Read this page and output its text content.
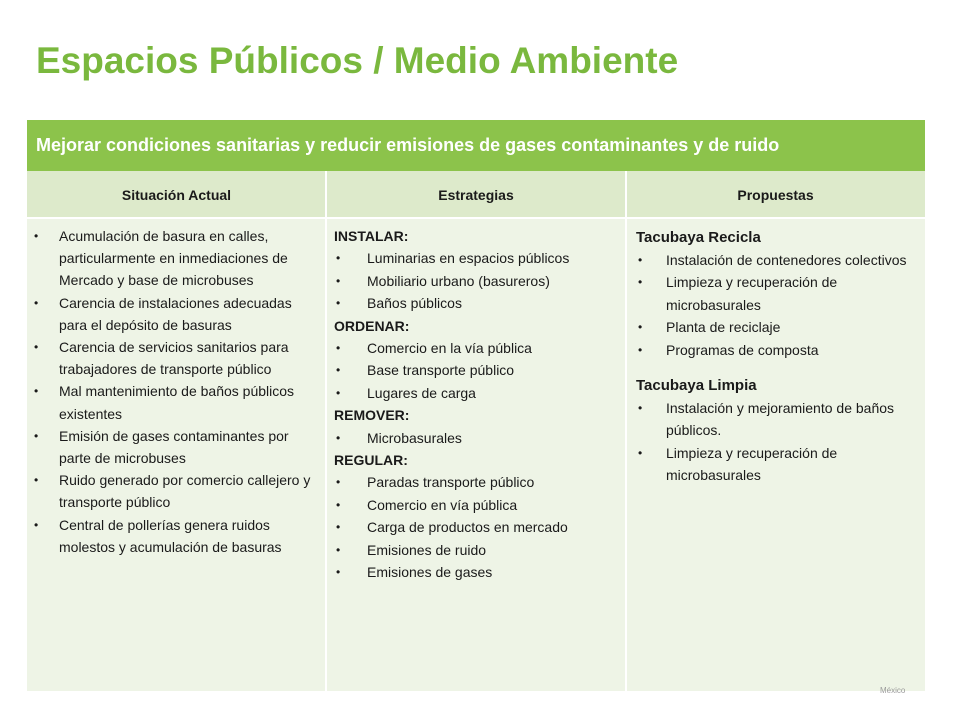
Espacios Públicos / Medio Ambiente
Mejorar condiciones sanitarias y reducir emisiones de gases contaminantes y de ruido
Situación Actual	Estrategias	Propuestas
• Acumulación de basura en calles, particularmente en inmediaciones de Mercado y base de microbuses
• Carencia de instalaciones adecuadas para el depósito de basuras
• Carencia de servicios sanitarios para trabajadores de transporte público
• Mal mantenimiento de baños públicos existentes
• Emisión de gases contaminantes por parte de microbuses
• Ruido generado por comercio callejero y transporte público
• Central de pollerías genera ruidos molestos y acumulación de basuras
INSTALAR:
• Luminarias en espacios públicos
• Mobiliario urbano (basureros)
• Baños públicos
ORDENAR:
• Comercio en la vía pública
• Base transporte público
• Lugares de carga
REMOVER:
• Microbasurales
REGULAR:
• Paradas transporte público
• Comercio en vía pública
• Carga de productos en mercado
• Emisiones de ruido
• Emisiones de gases
Tacubaya Recicla
• Instalación de contenedores colectivos
• Limpieza y recuperación de microbasurales
• Planta de reciclaje
• Programas de composta
Tacubaya Limpia
• Instalación y mejoramiento de baños públicos.
• Limpieza y recuperación de microbasurales
México
